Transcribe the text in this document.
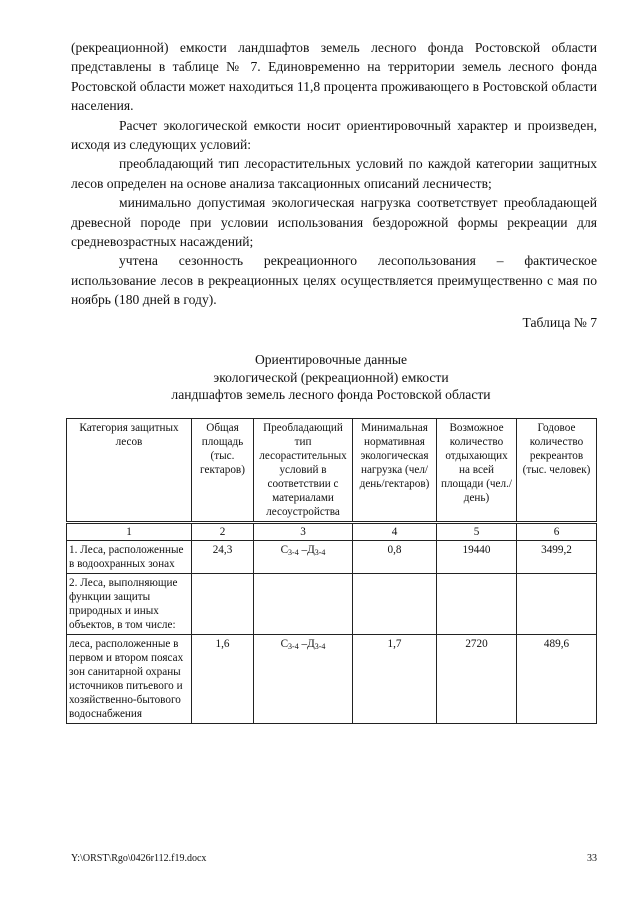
(рекреационной) емкости ландшафтов земель лесного фонда Ростовской области представлены в таблице № 7. Единовременно на территории земель лесного фонда Ростовской области может находиться 11,8 процента проживающего в Ростовской области населения.

Расчет экологической емкости носит ориентировочный характер и произведен, исходя из следующих условий:

преобладающий тип лесорастительных условий по каждой категории защитных лесов определен на основе анализа таксационных описаний лесничеств;

минимально допустимая экологическая нагрузка соответствует преобладающей древесной породе при условии использования бездорожной формы рекреации для средневозрастных насаждений;

учтена сезонность рекреационного лесопользования – фактическое использование лесов в рекреационных целях осуществляется преимущественно с мая по ноябрь (180 дней в году).

Таблица № 7
Ориентировочные данные
экологической (рекреационной) емкости
ландшафтов земель лесного фонда Ростовской области
Категория защитных лесов	Общая площадь (тыс. гектаров)	Преобладающий тип лесорастительных условий в соответствии с материалами лесоустройства	Минимальная нормативная экологическая нагрузка (чел/день/гектаров)	Возможное количество отдыхающих на всей площади (чел./день)	Годовое количество рекреантов (тыс. человек)
1	2	3	4	5	6
1. Леса, расположенные в водоохранных зонах	24,3	$С_{3-4}$ $-Д_{3-4}$	0,8	19440	3499,2
2. Леса, выполняющие функции защиты природных и иных объектов, в том числе:					
леса, расположенные в первом и втором поясах зон санитарной охраны источников питьевого и хозяйственно-бытового водоснабжения	1,6	$С_{3-4}$ $-Д_{3-4}$	1,7	2720	489,6
Y:\ORST\Rgo\0426r112.f19.docx	33
